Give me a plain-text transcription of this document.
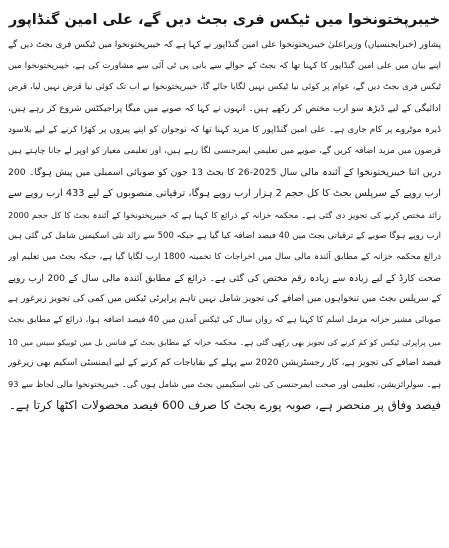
خیبرپختونخوا میں ٹیکس فری بجٹ دیں گے، علی امین گنڈاپور
پشاور (خبرایجنسیاں) وزیراعلیٰ خیبرپختونخوا علی امین گنڈاپور نے کہا ہے کہ خیبرپختونخوا میں ٹیکس فری بجٹ دیں گے
اپنے بیان میں علی امین گنڈاپور کا کہنا تھا کہ بجٹ کے حوالے سے بانی پی ٹی آئی سے مشاورت کی ہے، خیبرپختونخوا میں
ٹیکس فری بجٹ دیں گے، عوام پر کوئی نیا ٹیکس نہیں لگایا جائے گا، خیبرپختونخوا نے اب تک کوئی نیا قرض نہیں لیا، قرض
ادائیگی کے لیے ڈیڑھ سو ارب مختص کر رکھے ہیں۔ انہوں نے کہا کہ صوبے میں میگا پراجیکٹس شروع کر رہے ہیں،
ڈیرہ موٹروے پر کام جاری ہے۔ علی امین گنڈاپور کا مزید کہنا تھا کہ نوجوان کو اپنے پیروں پر کھڑا کرنے کے لیے بلاسود
قرضوں میں مزید اضافہ کریں گے، صوبے میں تعلیمی ایمرجنسی لگا رہے ہیں، اور تعلیمی معیار کو اوپر لے جانا چاہتے ہیں
دریں اثنا خیبرپختونخوا کے آئندہ مالی سال 2025-26 کا بجٹ 13 جون کو صوبائی اسمبلی میں پیش ہوگا۔ 200
ارب روپے کے سرپلس بجٹ کا کل حجم 2 ہزار ارب روپے ہوگا، ترقیاتی منصوبوں کے لیے 433 ارب روپے سے
زائد مختص کرنے کی تجویز دی گئی ہے۔ محکمہ خزانہ کے ذرائع کا کہنا ہے کہ خیبرپختونخوا کے آئندہ بجٹ کا کل حجم 2000
ارب روپے ہوگا صوبے کے ترقیاتی بجٹ میں 40 فیصد اضافہ کیا گیا ہے جبکہ 500 سے زائد نئی اسکیمیں شامل کی گئی ہیں
ذرائع محکمہ خزانہ کے مطابق آئندہ مالی سال میں اخراجات کا تخمینہ 1800 ارب لگایا گیا ہے، جبکہ بجٹ میں تعلیم اور
صحت کارڈ کے لیے زیادہ سے زیادہ رقم مختص کی گئی ہے۔ ذرائع کے مطابق آئندہ مالی سال کے 200 ارب روپے
کے سرپلس بجٹ میں تنخواہوں میں اضافے کی تجویز شامل نہیں تاہم پراپرٹی ٹیکس میں کمی کی تجویز زیرغور ہے
صوبائی مشیر خزانہ مزمل اسلم کا کہنا ہے کہ رواں سال کی ٹیکس آمدن میں 40 فیصد اضافہ ہوا، ذرائع کے مطابق بجٹ
میں پراپرٹی ٹیکس کو کم کرنے کی تجویز بھی رکھی گئی ہے۔ محکمہ خزانہ کے مطابق بجٹ کے فنانس بل میں ٹوبیکو سیس میں 10
فیصد اضافے کی تجویز ہے، کار رجسٹریشن 2020 سے پہلے کے بقایاجات کم کرنے کے لیے ایمنسٹی اسکیم بھی زیرغور
ہے۔ سولرائزیشن، تعلیمی اور صحت ایمرجنسی کی نئی اسکیمیں بجٹ میں شامل ہوں گی۔ خیبرپختونخوا مالی لحاظ سے 93
فیصد وفاق پر منحصر ہے، صوبہ پورے بجٹ کا صرف 600 فیصد محصولات اکٹھا کرتا ہے۔
